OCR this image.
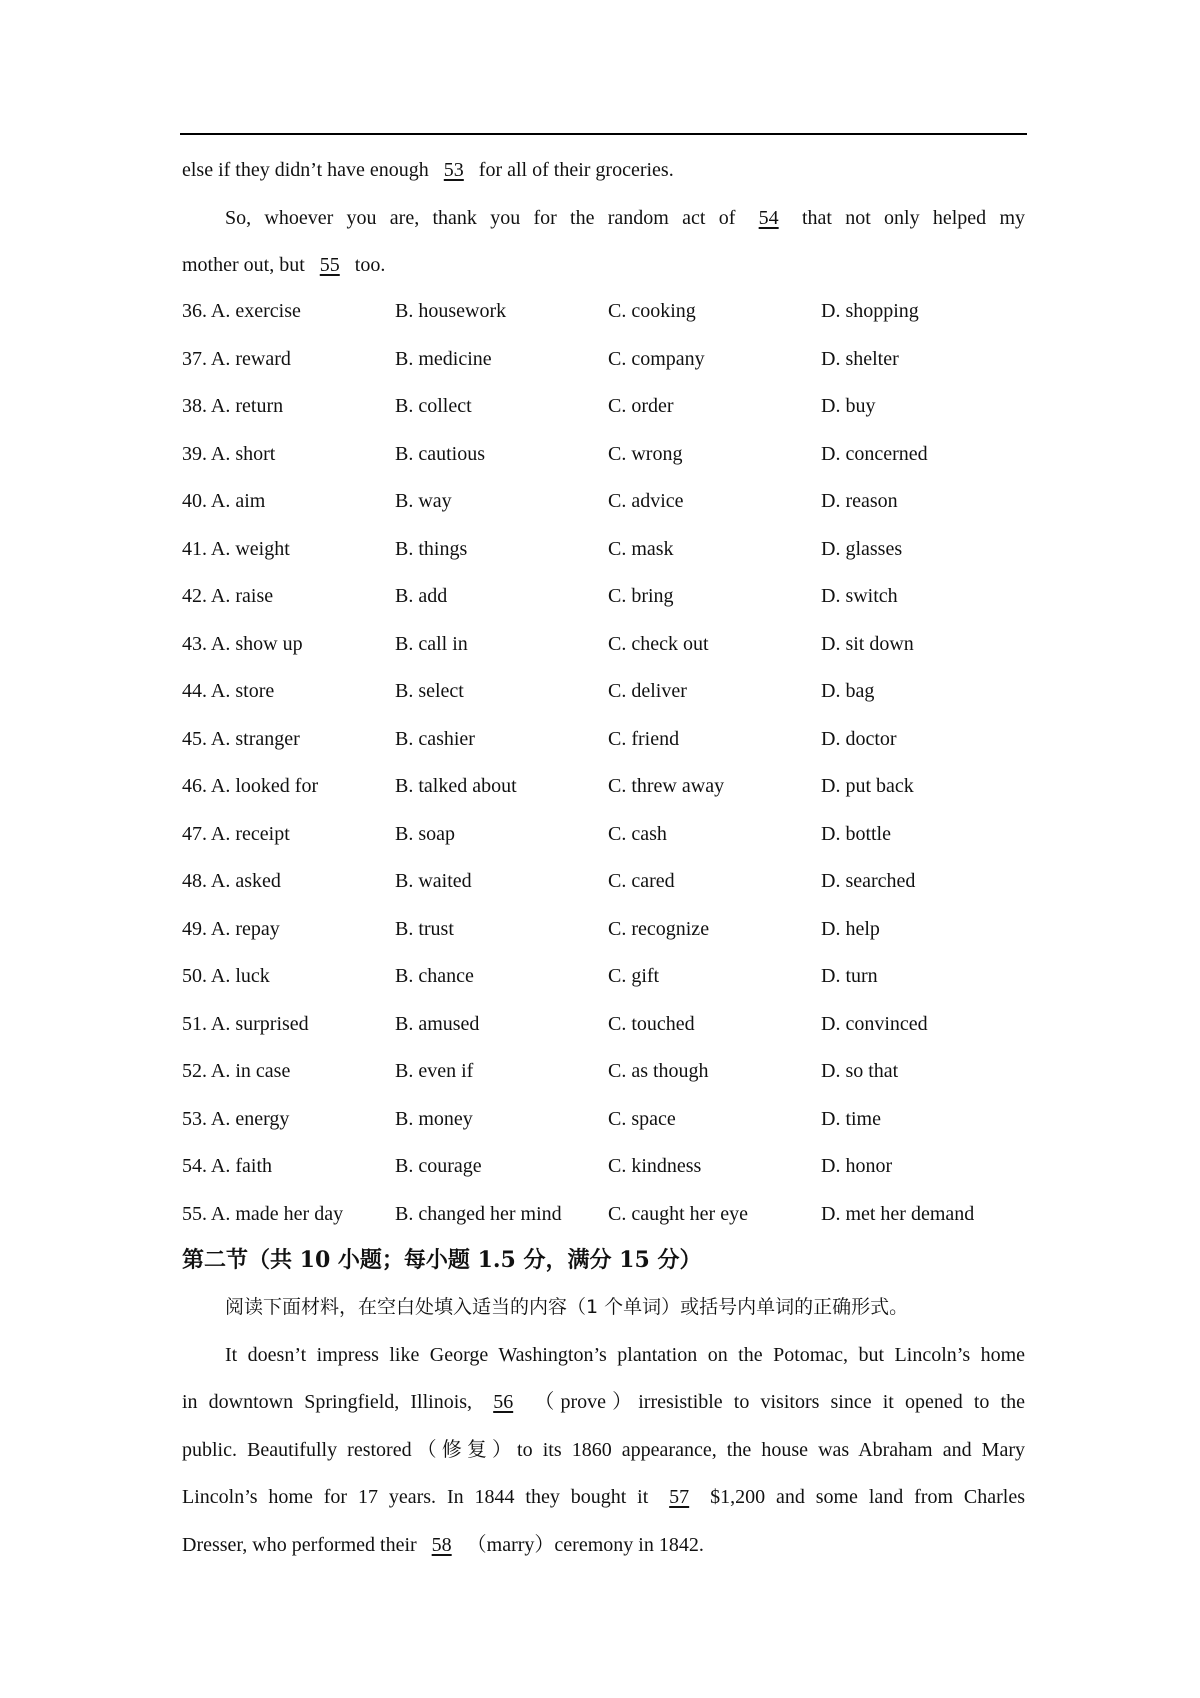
else if they didn’t have enough 53 for all of their groceries.
So, whoever you are, thank you for the random act of 54 that not only helped my
mother out, but 55 too.
36. A. exercise	B. housework	C. cooking	D. shopping
37. A. reward	B. medicine	C. company	D. shelter
38. A. return	B. collect	C. order	D. buy
39. A. short	B. cautious	C. wrong	D. concerned
40. A. aim	B. way	C. advice	D. reason
41. A. weight	B. things	C. mask	D. glasses
42. A. raise	B. add	C. bring	D. switch
43. A. show up	B. call in	C. check out	D. sit down
44. A. store	B. select	C. deliver	D. bag
45. A. stranger	B. cashier	C. friend	D. doctor
46. A. looked for	B. talked about	C. threw away	D. put back
47. A. receipt	B. soap	C. cash	D. bottle
48. A. asked	B. waited	C. cared	D. searched
49. A. repay	B. trust	C. recognize	D. help
50. A. luck	B. chance	C. gift	D. turn
51. A. surprised	B. amused	C. touched	D. convinced
52. A. in case	B. even if	C. as though	D. so that
53. A. energy	B. money	C. space	D. time
54. A. faith	B. courage	C. kindness	D. honor
55. A. made her day	B. changed her mind C. caught her eye	D. met her demand
第二节（共 10 小题；每小题 1.5 分，满分 15 分）
阅读下面材料，在空白处填入适当的内容（1 个单词）或括号内单词的正确形式。
It doesn’t impress like George Washington’s plantation on the Potomac, but Lincoln’s home
in downtown Springfield, Illinois, 56 （prove）irresistible to visitors since it opened to the
public. Beautifully restored（修复）to its 1860 appearance, the house was Abraham and Mary
Lincoln’s home for 17 years. In 1844 they bought it 57 $1,200 and some land from Charles
Dresser, who performed their 58 （marry）ceremony in 1842.
